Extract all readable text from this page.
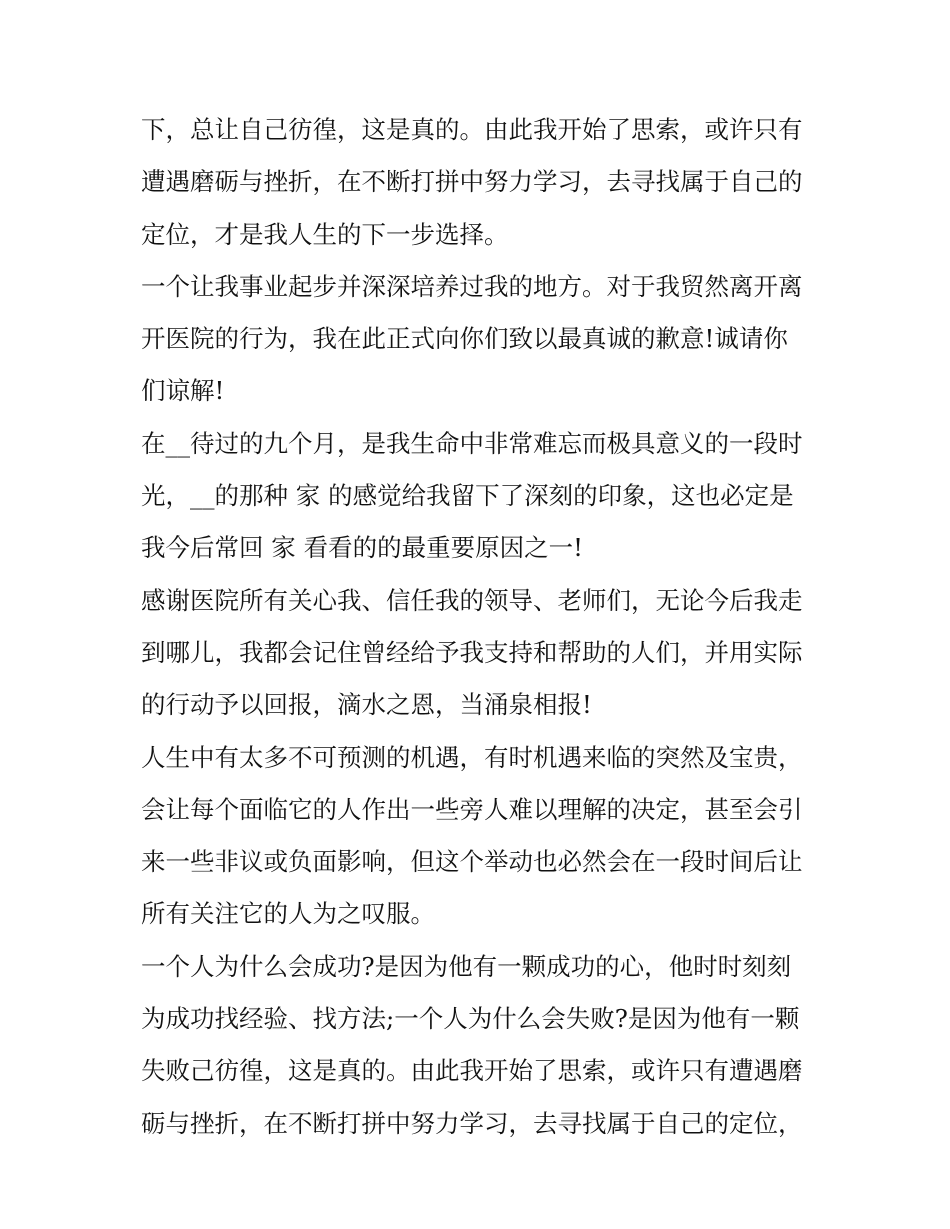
下，总让自己彷徨，这是真的。由此我开始了思索，或许只有
遭遇磨砺与挫折，在不断打拼中努力学习，去寻找属于自己的
定位，才是我人生的下一步选择。
一个让我事业起步并深深培养过我的地方。对于我贸然离开离
开医院的行为，我在此正式向你们致以最真诚的歉意!诚请你
们谅解!
在__待过的九个月，是我生命中非常难忘而极具意义的一段时
光，__的那种 家 的感觉给我留下了深刻的印象，这也必定是
我今后常回 家 看看的的最重要原因之一!
感谢医院所有关心我、信任我的领导、老师们，无论今后我走
到哪儿，我都会记住曾经给予我支持和帮助的人们，并用实际
的行动予以回报，滴水之恩，当涌泉相报!
人生中有太多不可预测的机遇，有时机遇来临的突然及宝贵，
会让每个面临它的人作出一些旁人难以理解的决定，甚至会引
来一些非议或负面影响，但这个举动也必然会在一段时间后让
所有关注它的人为之叹服。
一个人为什么会成功?是因为他有一颗成功的心，他时时刻刻
为成功找经验、找方法;一个人为什么会失败?是因为他有一颗
失败己彷徨，这是真的。由此我开始了思索，或许只有遭遇磨
砺与挫折，在不断打拼中努力学习，去寻找属于自己的定位，
